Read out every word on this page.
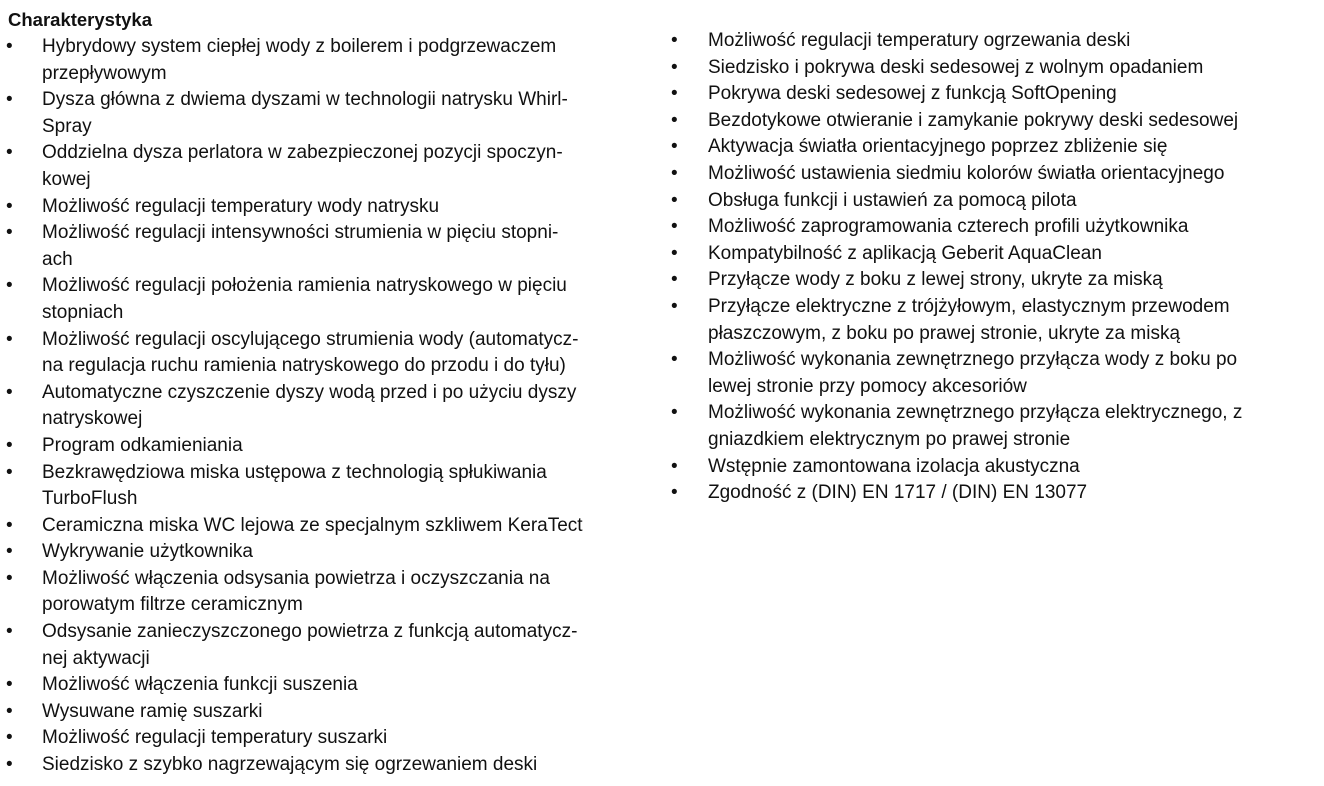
Charakterystyka
•	Hybrydowy system ciepłej wody z boilerem i podgrzewaczem
przepływowym
•	Dysza główna z dwiema dyszami w technologii natrysku Whirl-
Spray
•	Oddzielna dysza perlatora w zabezpieczonej pozycji spoczyn-
kowej
•	Możliwość regulacji temperatury wody natrysku
•	Możliwość regulacji intensywności strumienia w pięciu stopni-
ach
•	Możliwość regulacji położenia ramienia natryskowego w pięciu
stopniach
•	Możliwość regulacji oscylującego strumienia wody (automatycz-
na regulacja ruchu ramienia natryskowego do przodu i do tyłu)
•	Automatyczne czyszczenie dyszy wodą przed i po użyciu dyszy
natryskowej
•	Program odkamieniania
•	Bezkrawędziowa miska ustępowa z technologią spłukiwania
TurboFlush
•	Ceramiczna miska WC lejowa ze specjalnym szkliwem KeraTect
•	Wykrywanie użytkownika
•	Możliwość włączenia odsysania powietrza i oczyszczania na
porowatym filtrze ceramicznym
•	Odsysanie zanieczyszczonego powietrza z funkcją automatycz-
nej aktywacji
•	Możliwość włączenia funkcji suszenia
•	Wysuwane ramię suszarki
•	Możliwość regulacji temperatury suszarki
•	Siedzisko z szybko nagrzewającym się ogrzewaniem deski
•	Możliwość regulacji temperatury ogrzewania deski
•	Siedzisko i pokrywa deski sedesowej z wolnym opadaniem
•	Pokrywa deski sedesowej z funkcją SoftOpening
•	Bezdotykowe otwieranie i zamykanie pokrywy deski sedesowej
•	Aktywacja światła orientacyjnego poprzez zbliżenie się
•	Możliwość ustawienia siedmiu kolorów światła orientacyjnego
•	Obsługa funkcji i ustawień za pomocą pilota
•	Możliwość zaprogramowania czterech profili użytkownika
•	Kompatybilność z aplikacją Geberit AquaClean
•	Przyłącze wody z boku z lewej strony, ukryte za miską
•	Przyłącze elektryczne z trójżyłowym, elastycznym przewodem
płaszczowym, z boku po prawej stronie, ukryte za miską
•	Możliwość wykonania zewnętrznego przyłącza wody z boku po
lewej stronie przy pomocy akcesoriów
•	Możliwość wykonania zewnętrznego przyłącza elektrycznego, z
gniazdkiem elektrycznym po prawej stronie
•	Wstępnie zamontowana izolacja akustyczna
•	Zgodność z (DIN) EN 1717 / (DIN) EN 13077
